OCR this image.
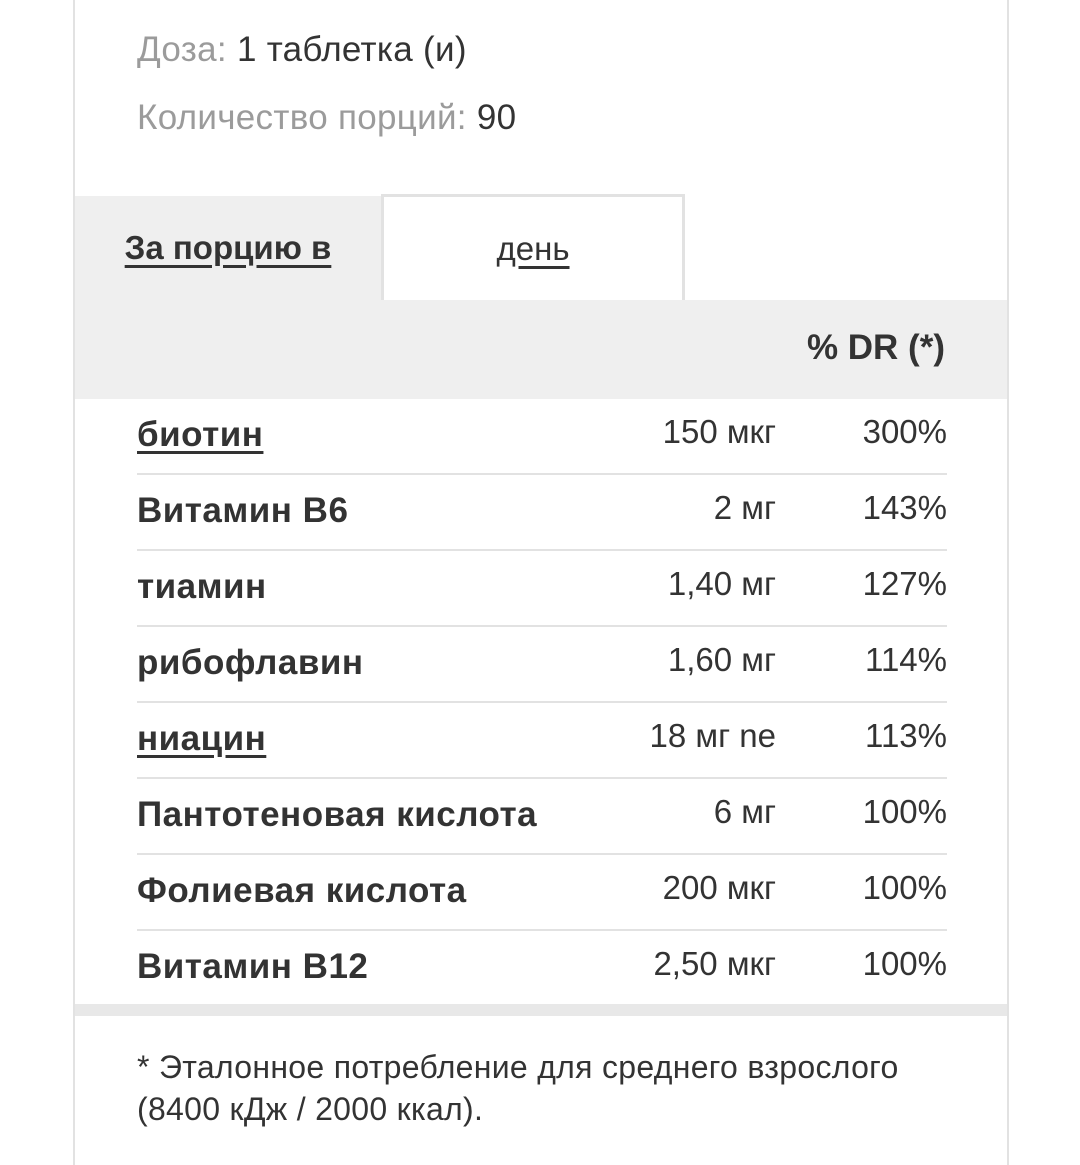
Доза: 1 таблетка (и)
Количество порций: 90
За порцию в	день
% DR (*)
биотин	150 мкг	300%
Витамин B6	2 мг	143%
тиамин	1,40 мг	127%
рибофлавин	1,60 мг	114%
ниацин	18 мг ne	113%
Пантотеновая кислота	6 мг	100%
Фолиевая кислота	200 мкг	100%
Витамин B12	2,50 мкг	100%
* Эталонное потребление для среднего взрослого (8400 кДж / 2000 ккал).
